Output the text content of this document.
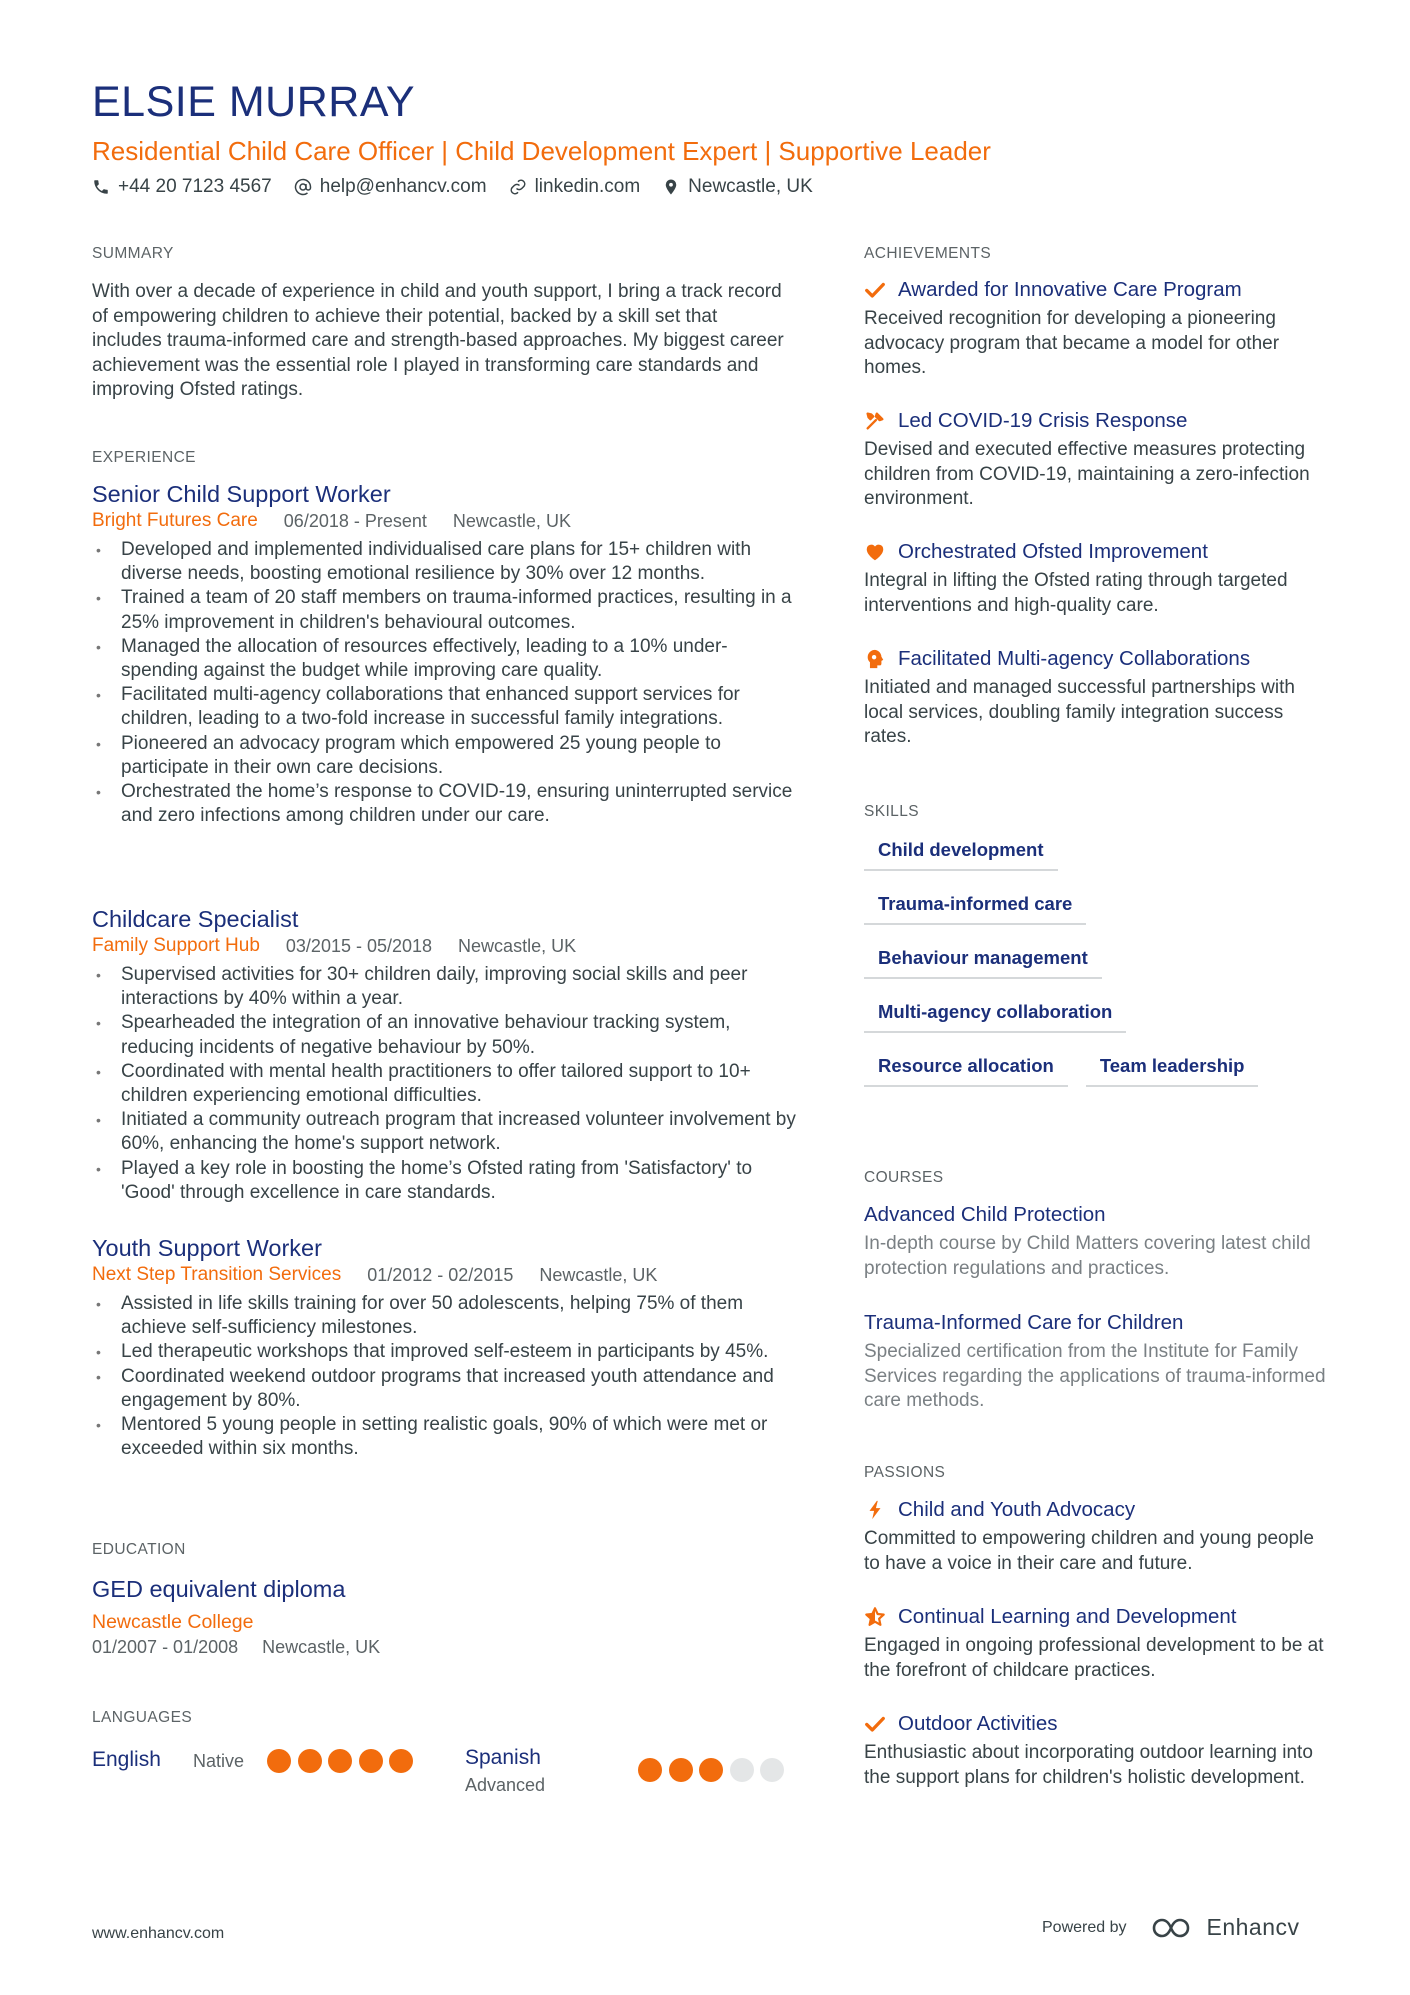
ELSIE MURRAY
Residential Child Care Officer | Child Development Expert | Supportive Leader
+44 20 7123 4567	help@enhancv.com	linkedin.com	Newcastle, UK
SUMMARY
With over a decade of experience in child and youth support, I bring a track record of empowering children to achieve their potential, backed by a skill set that includes trauma-informed care and strength-based approaches. My biggest career achievement was the essential role I played in transforming care standards and improving Ofsted ratings.
EXPERIENCE
Senior Child Support Worker
Bright Futures Care 06/2018 - Present Newcastle, UK
• Developed and implemented individualised care plans for 15+ children with diverse needs, boosting emotional resilience by 30% over 12 months.
• Trained a team of 20 staff members on trauma-informed practices, resulting in a 25% improvement in children's behavioural outcomes.
• Managed the allocation of resources effectively, leading to a 10% under-spending against the budget while improving care quality.
• Facilitated multi-agency collaborations that enhanced support services for children, leading to a two-fold increase in successful family integrations.
• Pioneered an advocacy program which empowered 25 young people to participate in their own care decisions.
• Orchestrated the home’s response to COVID-19, ensuring uninterrupted service and zero infections among children under our care.
Childcare Specialist
Family Support Hub 03/2015 - 05/2018 Newcastle, UK
• Supervised activities for 30+ children daily, improving social skills and peer interactions by 40% within a year.
• Spearheaded the integration of an innovative behaviour tracking system, reducing incidents of negative behaviour by 50%.
• Coordinated with mental health practitioners to offer tailored support to 10+ children experiencing emotional difficulties.
• Initiated a community outreach program that increased volunteer involvement by 60%, enhancing the home's support network.
• Played a key role in boosting the home’s Ofsted rating from 'Satisfactory' to 'Good' through excellence in care standards.
Youth Support Worker
Next Step Transition Services 01/2012 - 02/2015 Newcastle, UK
• Assisted in life skills training for over 50 adolescents, helping 75% of them achieve self-sufficiency milestones.
• Led therapeutic workshops that improved self-esteem in participants by 45%.
• Coordinated weekend outdoor programs that increased youth attendance and engagement by 80%.
• Mentored 5 young people in setting realistic goals, 90% of which were met or exceeded within six months.
EDUCATION
GED equivalent diploma
Newcastle College
01/2007 - 01/2008 Newcastle, UK
LANGUAGES
English Native	Spanish
Advanced
ACHIEVEMENTS
Awarded for Innovative Care Program
Received recognition for developing a pioneering advocacy program that became a model for other homes.
Led COVID-19 Crisis Response
Devised and executed effective measures protecting children from COVID-19, maintaining a zero-infection environment.
Orchestrated Ofsted Improvement
Integral in lifting the Ofsted rating through targeted interventions and high-quality care.
Facilitated Multi-agency Collaborations
Initiated and managed successful partnerships with local services, doubling family integration success rates.
SKILLS
Child development
Trauma-informed care
Behaviour management
Multi-agency collaboration
Resource allocation	Team leadership
COURSES
Advanced Child Protection
In-depth course by Child Matters covering latest child protection regulations and practices.
Trauma-Informed Care for Children
Specialized certification from the Institute for Family Services regarding the applications of trauma-informed care methods.
PASSIONS
Child and Youth Advocacy
Committed to empowering children and young people to have a voice in their care and future.
Continual Learning and Development
Engaged in ongoing professional development to be at the forefront of childcare practices.
Outdoor Activities
Enthusiastic about incorporating outdoor learning into the support plans for children's holistic development.
www.enhancv.com	Powered by	Enhancv
